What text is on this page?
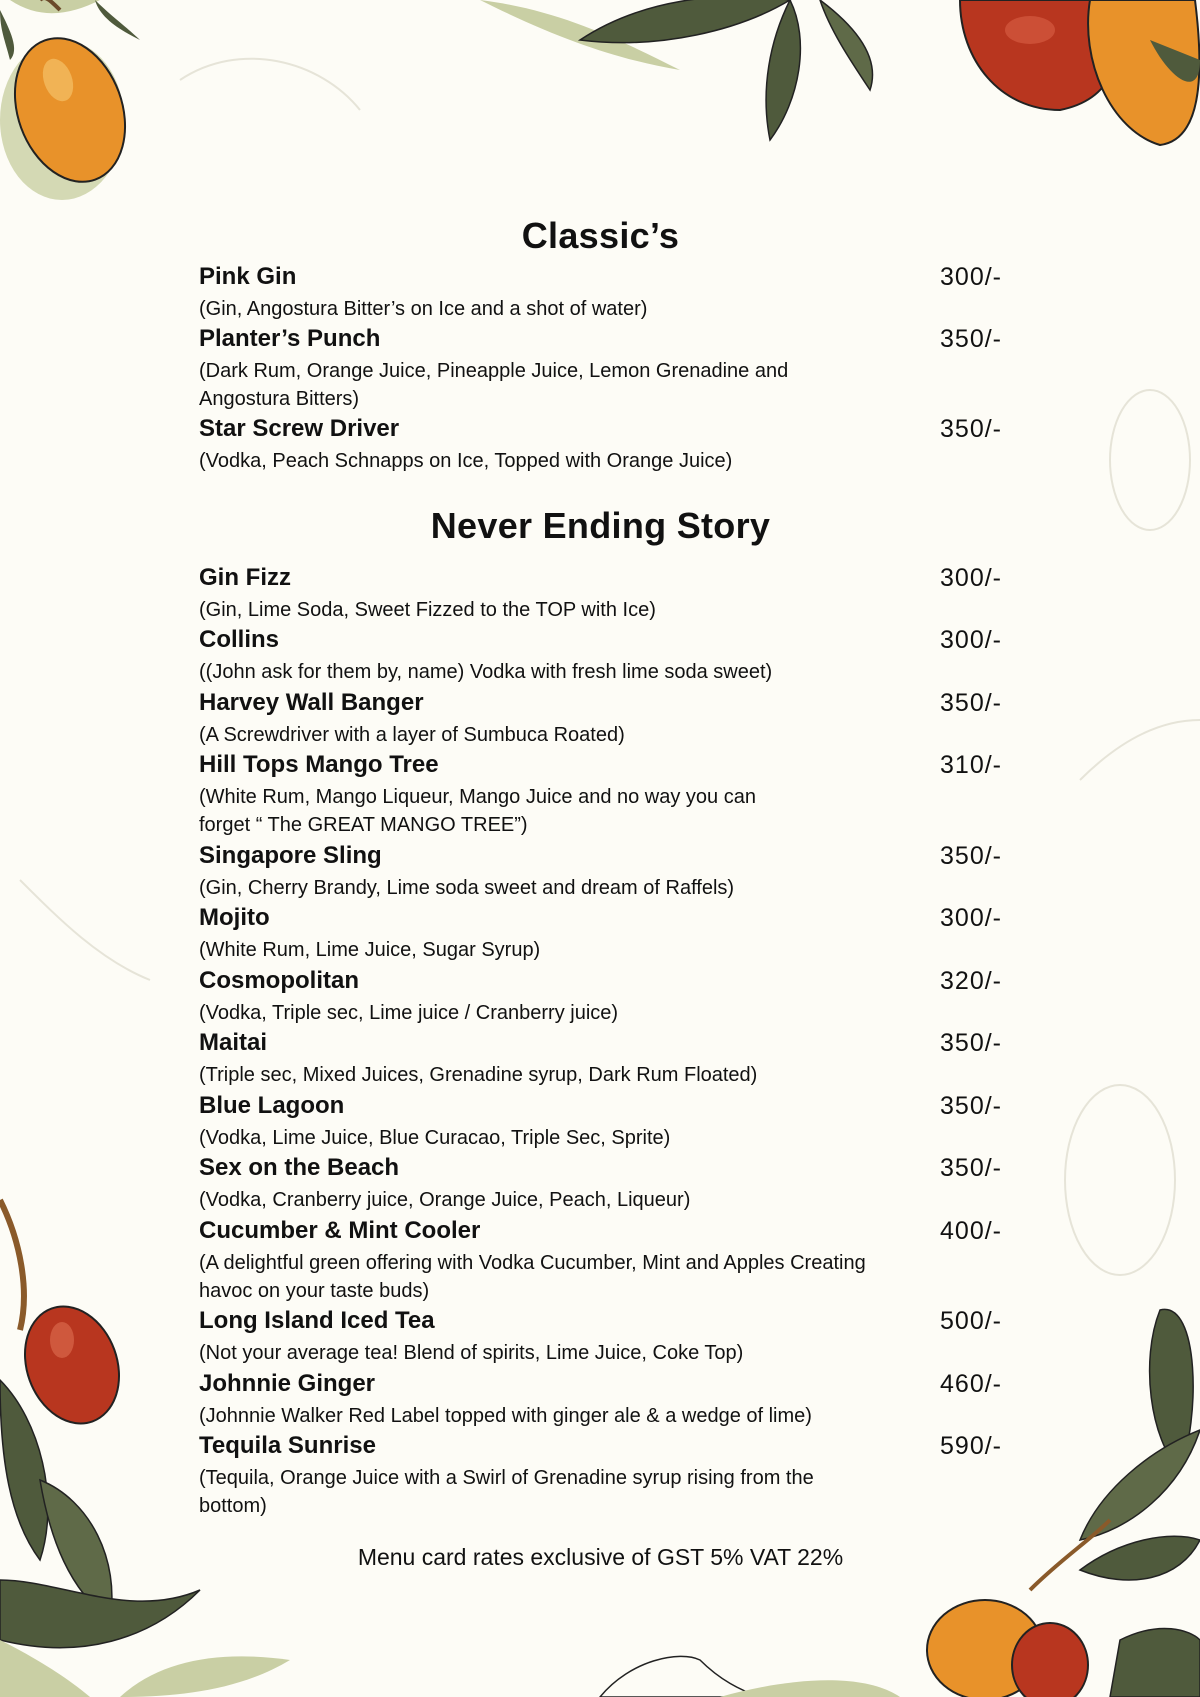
Classic’s
Pink Gin	300/-
(Gin, Angostura Bitter’s on Ice and a shot of water)
Planter’s Punch	350/-
(Dark Rum, Orange Juice, Pineapple Juice, Lemon Grenadine and Angostura Bitters)
Star Screw Driver	350/-
(Vodka, Peach Schnapps on Ice, Topped with Orange Juice)
Never Ending Story
Gin Fizz	300/-
(Gin, Lime Soda, Sweet Fizzed to the TOP with Ice)
Collins	300/-
((John ask for them by, name) Vodka with fresh lime soda sweet)
Harvey Wall Banger	350/-
(A Screwdriver with a layer of Sumbuca Roated)
Hill Tops Mango Tree	310/-
(White Rum, Mango Liqueur, Mango Juice and no way you can forget “ The GREAT MANGO TREE”)
Singapore Sling	350/-
(Gin, Cherry Brandy, Lime soda sweet and dream of Raffels)
Mojito	300/-
(White Rum, Lime Juice, Sugar Syrup)
Cosmopolitan	320/-
(Vodka, Triple sec, Lime juice / Cranberry juice)
Maitai	350/-
(Triple sec, Mixed Juices, Grenadine syrup, Dark Rum Floated)
Blue Lagoon	350/-
(Vodka, Lime Juice, Blue Curacao, Triple Sec, Sprite)
Sex on the Beach	350/-
(Vodka, Cranberry juice, Orange Juice, Peach, Liqueur)
Cucumber & Mint Cooler	400/-
(A delightful green offering with Vodka Cucumber, Mint and Apples Creating havoc on your taste buds)
Long Island Iced Tea	500/-
(Not your average tea! Blend of spirits, Lime Juice, Coke Top)
Johnnie Ginger	460/-
(Johnnie Walker Red Label topped with ginger ale & a wedge of lime)
Tequila Sunrise	590/-
(Tequila, Orange Juice with a Swirl of Grenadine syrup rising from the bottom)
Menu card rates exclusive of GST 5% VAT 22%
